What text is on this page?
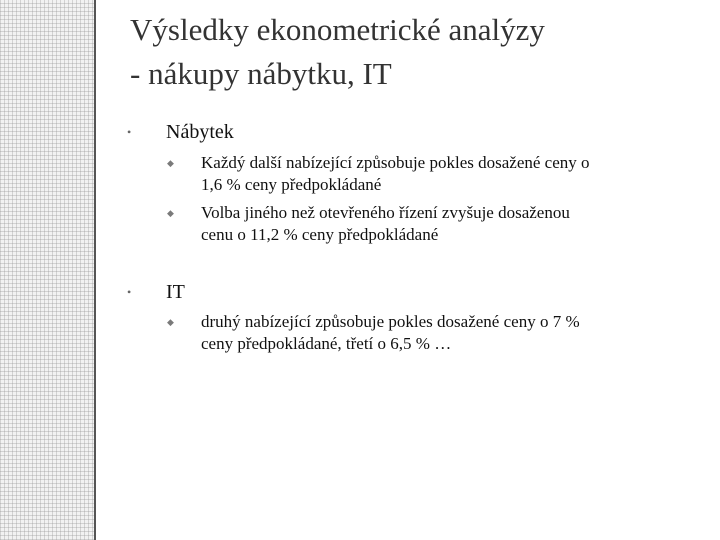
Výsledky ekonometrické analýzy
- nákupy nábytku, IT
• Nábytek
◆ Každý další nabízející způsobuje pokles dosažené ceny o
1,6 % ceny předpokládané
◆ Volba jiného než otevřeného řízení zvyšuje dosaženou
cenu o 11,2 % ceny předpokládané
• IT
◆ druhý nabízející způsobuje pokles dosažené ceny o 7 %
ceny předpokládané, třetí o 6,5 % …
